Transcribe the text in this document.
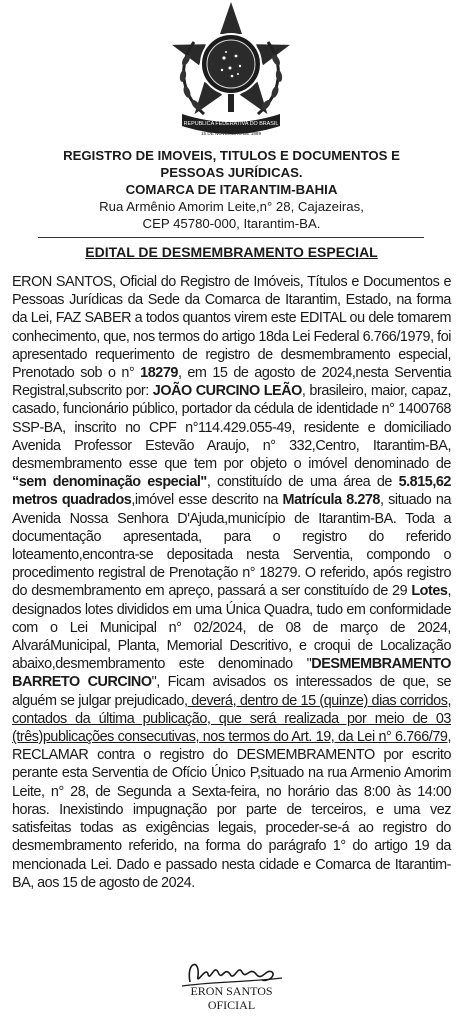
REPUBLICA FEDERATIVA DO BRASIL
15 DE NOVEMBRO DE 1889
REGISTRO DE IMOVEIS, TITULOS E DOCUMENTOS E
PESSOAS JURÍDICAS.
COMARCA DE ITARANTIM-BAHIA
Rua Armênio Amorim Leite,n° 28, Cajazeiras,
CEP 45780-000, Itarantim-BA.
EDITAL DE DESMEMBRAMENTO ESPECIAL
ERON SANTOS, Oficial do Registro de Imóveis, Títulos e Documentos e Pessoas Jurídicas da Sede da Comarca de Itarantim, Estado, na forma da Lei, FAZ SABER a todos quantos virem este EDITAL ou dele tomarem conhecimento, que, nos termos do artigo 18da Lei Federal 6.766/1979, foi apresentado requerimento de registro de desmembramento especial, Prenotado sob o n° 18279, em 15 de agosto de 2024,nesta Serventia Registral,subscrito por: JOÃO CURCINO LEÃO, brasileiro, maior, capaz, casado, funcionário público, portador da cédula de identidade n° 1400768 SSP-BA, inscrito no CPF n°114.429.055-49, residente e domiciliado Avenida Professor Estevão Araujo, n° 332,Centro, Itarantim-BA, desmembramento esse que tem por objeto o imóvel denominado de “sem denominação especial", constituído de uma área de 5.815,62 metros quadrados,imóvel esse descrito na Matrícula 8.278, situado na Avenida Nossa Senhora D'Ajuda,município de Itarantim-BA. Toda a documentação apresentada, para o registro do referido loteamento,encontra-se depositada nesta Serventia, compondo o procedimento registral de Prenotação n° 18279. O referido, após registro do desmembramento em apreço, passará a ser constituído de 29 Lotes, designados lotes divididos em uma Única Quadra, tudo em conformidade com o Lei Municipal n° 02/2024, de 08 de março de 2024, AlvaráMunicipal, Planta, Memorial Descritivo, e croqui de Localização abaixo,desmembramento este denominado "DESMEMBRAMENTO BARRETO CURCINO", Ficam avisados os interessados de que, se alguém se julgar prejudicado, deverá, dentro de 15 (quinze) dias corridos, contados da última publicação, que será realizada por meio de 03 (três)publicações consecutivas, nos termos do Art. 19, da Lei n° 6.766/79, RECLAMAR contra o registro do DESMEMBRAMENTO por escrito perante esta Serventia de Ofício Único P,situado na rua Armenio Amorim Leite, n° 28, de Segunda a Sexta-feira, no horário das 8:00 às 14:00 horas. Inexistindo impugnação por parte de terceiros, e uma vez satisfeitas todas as exigências legais, proceder-se-á ao registro do desmembramento referido, na forma do parágrafo 1° do artigo 19 da mencionada Lei. Dado e passado nesta cidade e Comarca de Itarantim-BA, aos 15 de agosto de 2024.
ERON SANTOS
OFICIAL
